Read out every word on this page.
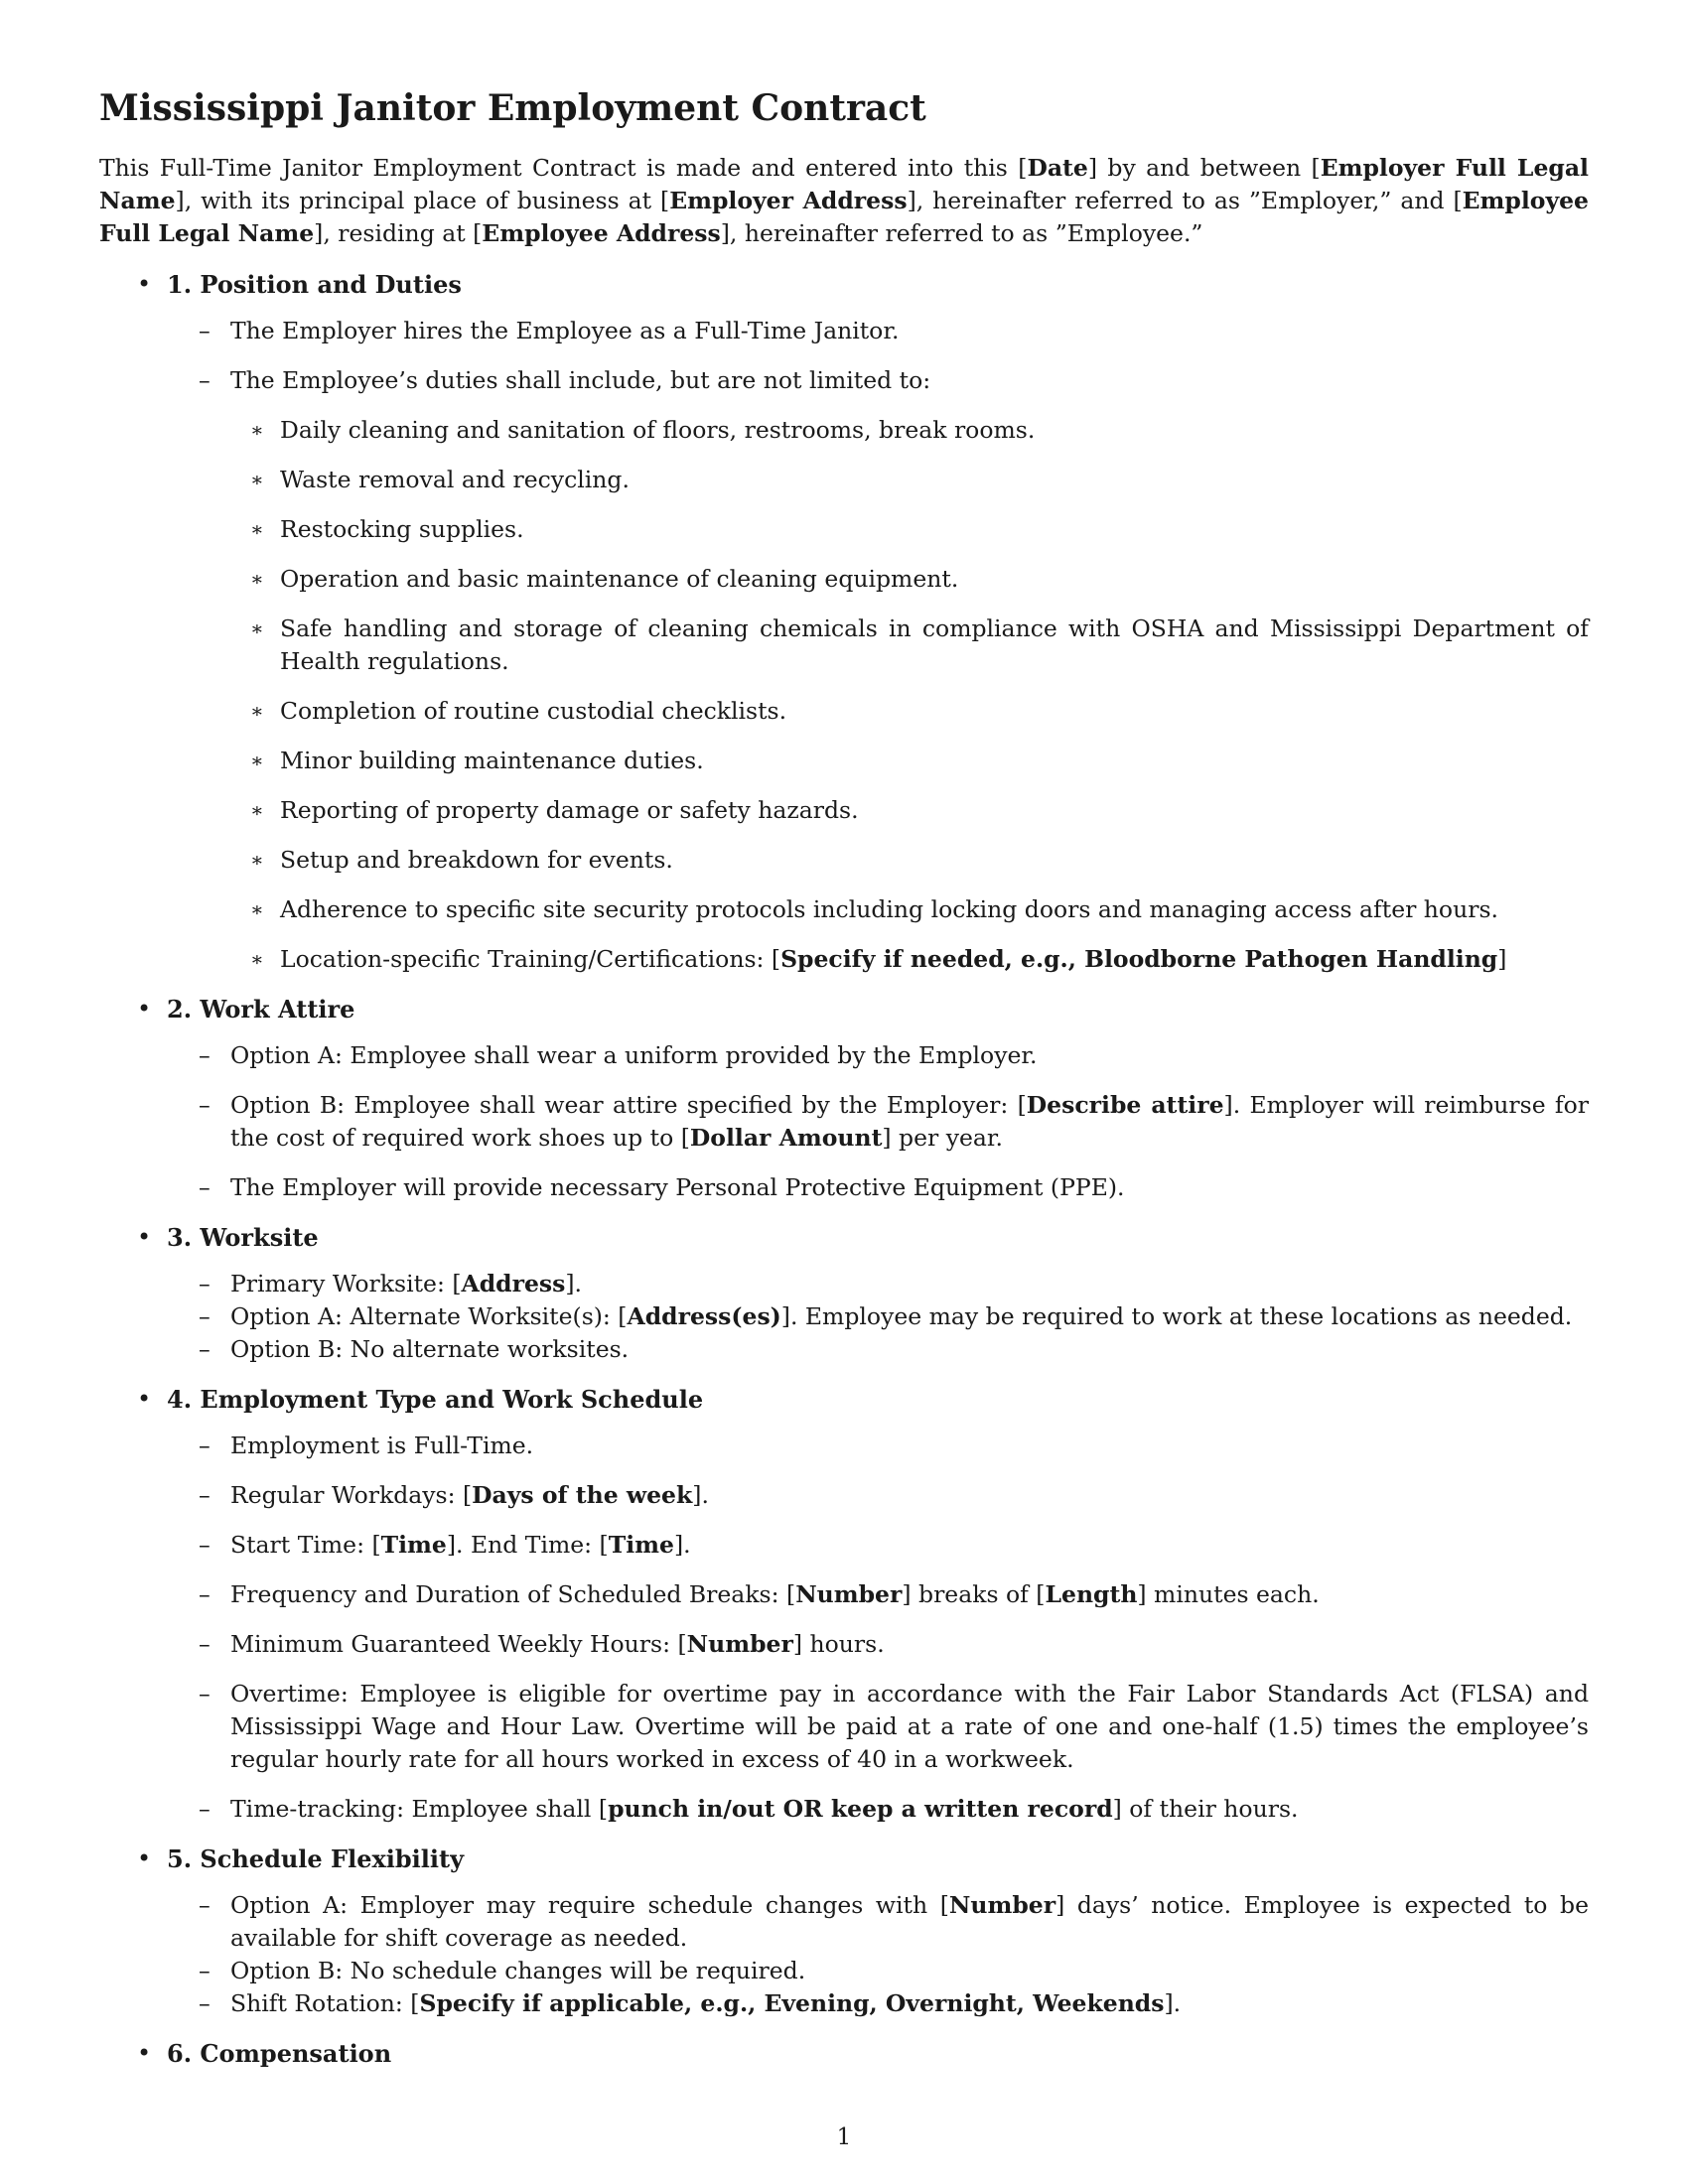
Mississippi Janitor Employment Contract

This Full-Time Janitor Employment Contract is made and entered into this [Date] by and between [Employer Full Legal Name], with its principal place of business at [Employer Address], hereinafter referred to as ”Employer,” and [Employee Full Legal Name], residing at [Employee Address], hereinafter referred to as ”Employee.”

• 1. Position and Duties
– The Employer hires the Employee as a Full-Time Janitor.
– The Employee’s duties shall include, but are not limited to:
∗ Daily cleaning and sanitation of floors, restrooms, break rooms.
∗ Waste removal and recycling.
∗ Restocking supplies.
∗ Operation and basic maintenance of cleaning equipment.
∗ Safe handling and storage of cleaning chemicals in compliance with OSHA and Mississippi Department of Health regulations.
∗ Completion of routine custodial checklists.
∗ Minor building maintenance duties.
∗ Reporting of property damage or safety hazards.
∗ Setup and breakdown for events.
∗ Adherence to specific site security protocols including locking doors and managing access after hours.
∗ Location-specific Training/Certifications: [Specify if needed, e.g., Bloodborne Pathogen Handling]
• 2. Work Attire
– Option A: Employee shall wear a uniform provided by the Employer.
– Option B: Employee shall wear attire specified by the Employer: [Describe attire]. Employer will reimburse for the cost of required work shoes up to [Dollar Amount] per year.
– The Employer will provide necessary Personal Protective Equipment (PPE).
• 3. Worksite
– Primary Worksite: [Address].
– Option A: Alternate Worksite(s): [Address(es)]. Employee may be required to work at these locations as needed.
– Option B: No alternate worksites.
• 4. Employment Type and Work Schedule
– Employment is Full-Time.
– Regular Workdays: [Days of the week].
– Start Time: [Time]. End Time: [Time].
– Frequency and Duration of Scheduled Breaks: [Number] breaks of [Length] minutes each.
– Minimum Guaranteed Weekly Hours: [Number] hours.
– Overtime: Employee is eligible for overtime pay in accordance with the Fair Labor Standards Act (FLSA) and Mississippi Wage and Hour Law. Overtime will be paid at a rate of one and one-half (1.5) times the employee’s regular hourly rate for all hours worked in excess of 40 in a workweek.
– Time-tracking: Employee shall [punch in/out OR keep a written record] of their hours.
• 5. Schedule Flexibility
– Option A: Employer may require schedule changes with [Number] days’ notice. Employee is expected to be available for shift coverage as needed.
– Option B: No schedule changes will be required.
– Shift Rotation: [Specify if applicable, e.g., Evening, Overnight, Weekends].
• 6. Compensation
1
